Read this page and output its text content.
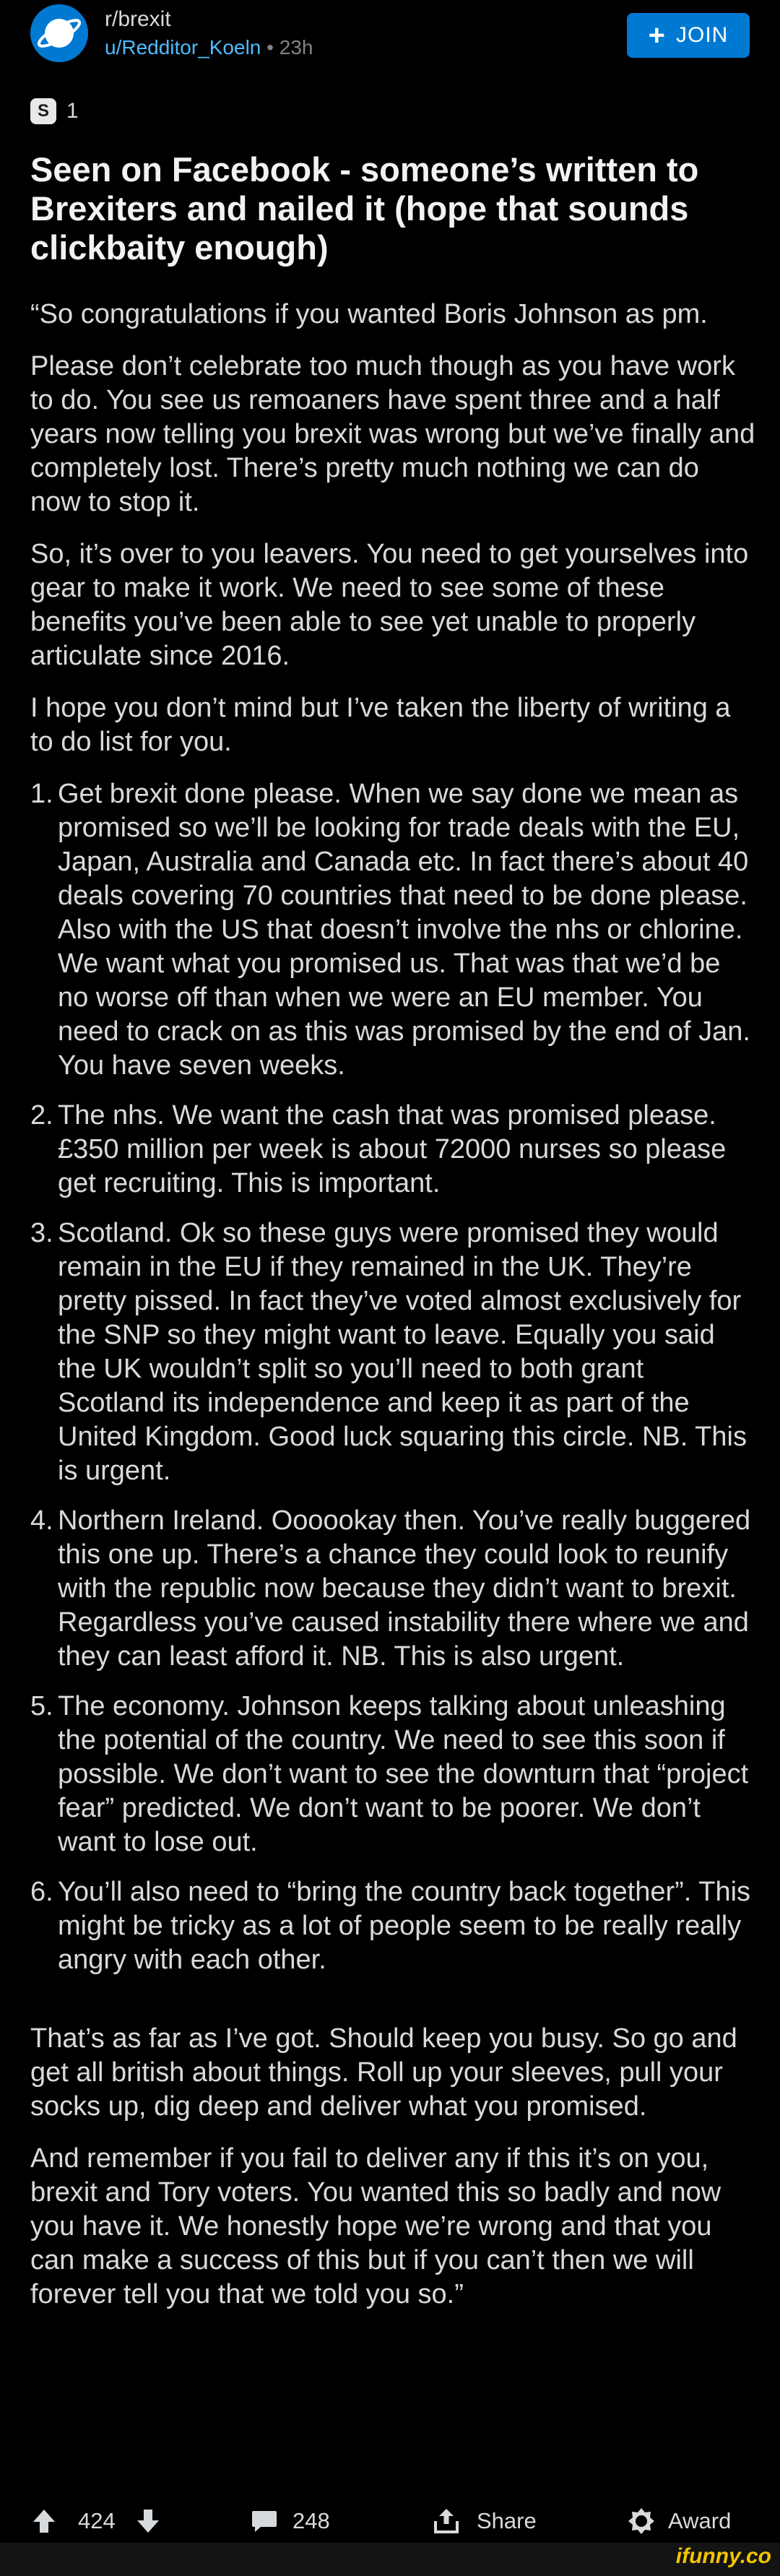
r/brexit
u/Redditor_Koeln • 23h	+ JOIN
S 1
Seen on Facebook - someone’s written to Brexiters and nailed it (hope that sounds clickbaity enough)

“So congratulations if you wanted Boris Johnson as pm.

Please don’t celebrate too much though as you have work to do. You see us remoaners have spent three and a half years now telling you brexit was wrong but we’ve finally and completely lost. There’s pretty much nothing we can do now to stop it.

So, it’s over to you leavers. You need to get yourselves into gear to make it work. We need to see some of these benefits you’ve been able to see yet unable to properly articulate since 2016.

I hope you don’t mind but I’ve taken the liberty of writing a to do list for you.

1. Get brexit done please. When we say done we mean as promised so we’ll be looking for trade deals with the EU, Japan, Australia and Canada etc. In fact there’s about 40 deals covering 70 countries that need to be done please. Also with the US that doesn’t involve the nhs or chlorine. We want what you promised us. That was that we’d be no worse off than when we were an EU member. You need to crack on as this was promised by the end of Jan. You have seven weeks.
2. The nhs. We want the cash that was promised please. £350 million per week is about 72000 nurses so please get recruiting. This is important.
3. Scotland. Ok so these guys were promised they would remain in the EU if they remained in the UK. They’re pretty pissed. In fact they’ve voted almost exclusively for the SNP so they might want to leave. Equally you said the UK wouldn’t split so you’ll need to both grant Scotland its independence and keep it as part of the United Kingdom. Good luck squaring this circle. NB. This is urgent.
4. Northern Ireland. Oooookay then. You’ve really buggered this one up. There’s a chance they could look to reunify with the republic now because they didn’t want to brexit. Regardless you’ve caused instability there where we and they can least afford it. NB. This is also urgent.
5. The economy. Johnson keeps talking about unleashing the potential of the country. We need to see this soon if possible. We don’t want to see the downturn that “project fear” predicted. We don’t want to be poorer. We don’t want to lose out.
6. You’ll also need to “bring the country back together”. This might be tricky as a lot of people seem to be really really angry with each other.

That’s as far as I’ve got. Should keep you busy. So go and get all british about things. Roll up your sleeves, pull your socks up, dig deep and deliver what you promised.

And remember if you fail to deliver any if this it’s on you, brexit and Tory voters. You wanted this so badly and now you have it. We honestly hope we’re wrong and that you can make a success of this but if you can’t then we will forever tell you that we told you so.”

424	248	Share	Award
ifunny.co
